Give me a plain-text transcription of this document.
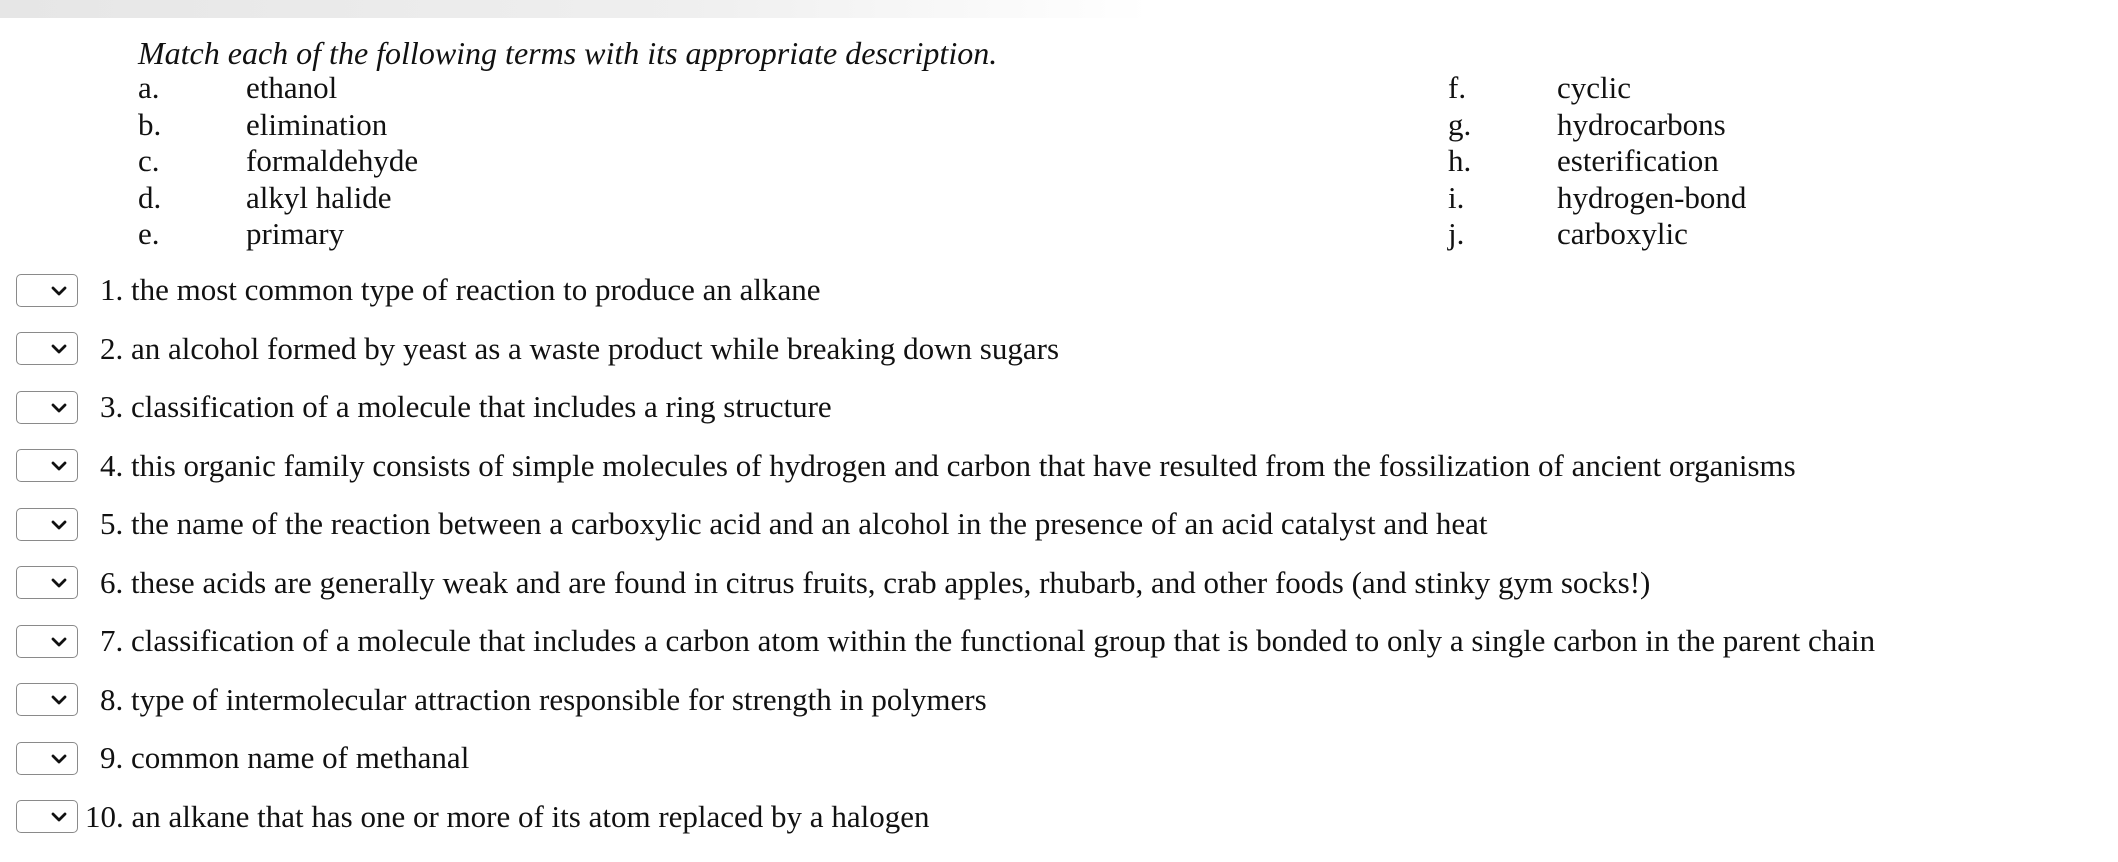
Match each of the following terms with its appropriate description.
a.	ethanol
b.	elimination
c.	formaldehyde
d.	alkyl halide
e.	primary
f.	cyclic
g.	hydrocarbons
h.	esterification
i.	hydrogen-bond
j.	carboxylic
1. the most common type of reaction to produce an alkane
2. an alcohol formed by yeast as a waste product while breaking down sugars
3. classification of a molecule that includes a ring structure
4. this organic family consists of simple molecules of hydrogen and carbon that have resulted from the fossilization of ancient organisms
5. the name of the reaction between a carboxylic acid and an alcohol in the presence of an acid catalyst and heat
6. these acids are generally weak and are found in citrus fruits, crab apples, rhubarb, and other foods (and stinky gym socks!)
7. classification of a molecule that includes a carbon atom within the functional group that is bonded to only a single carbon in the parent chain
8. type of intermolecular attraction responsible for strength in polymers
9. common name of methanal
10. an alkane that has one or more of its atom replaced by a halogen
